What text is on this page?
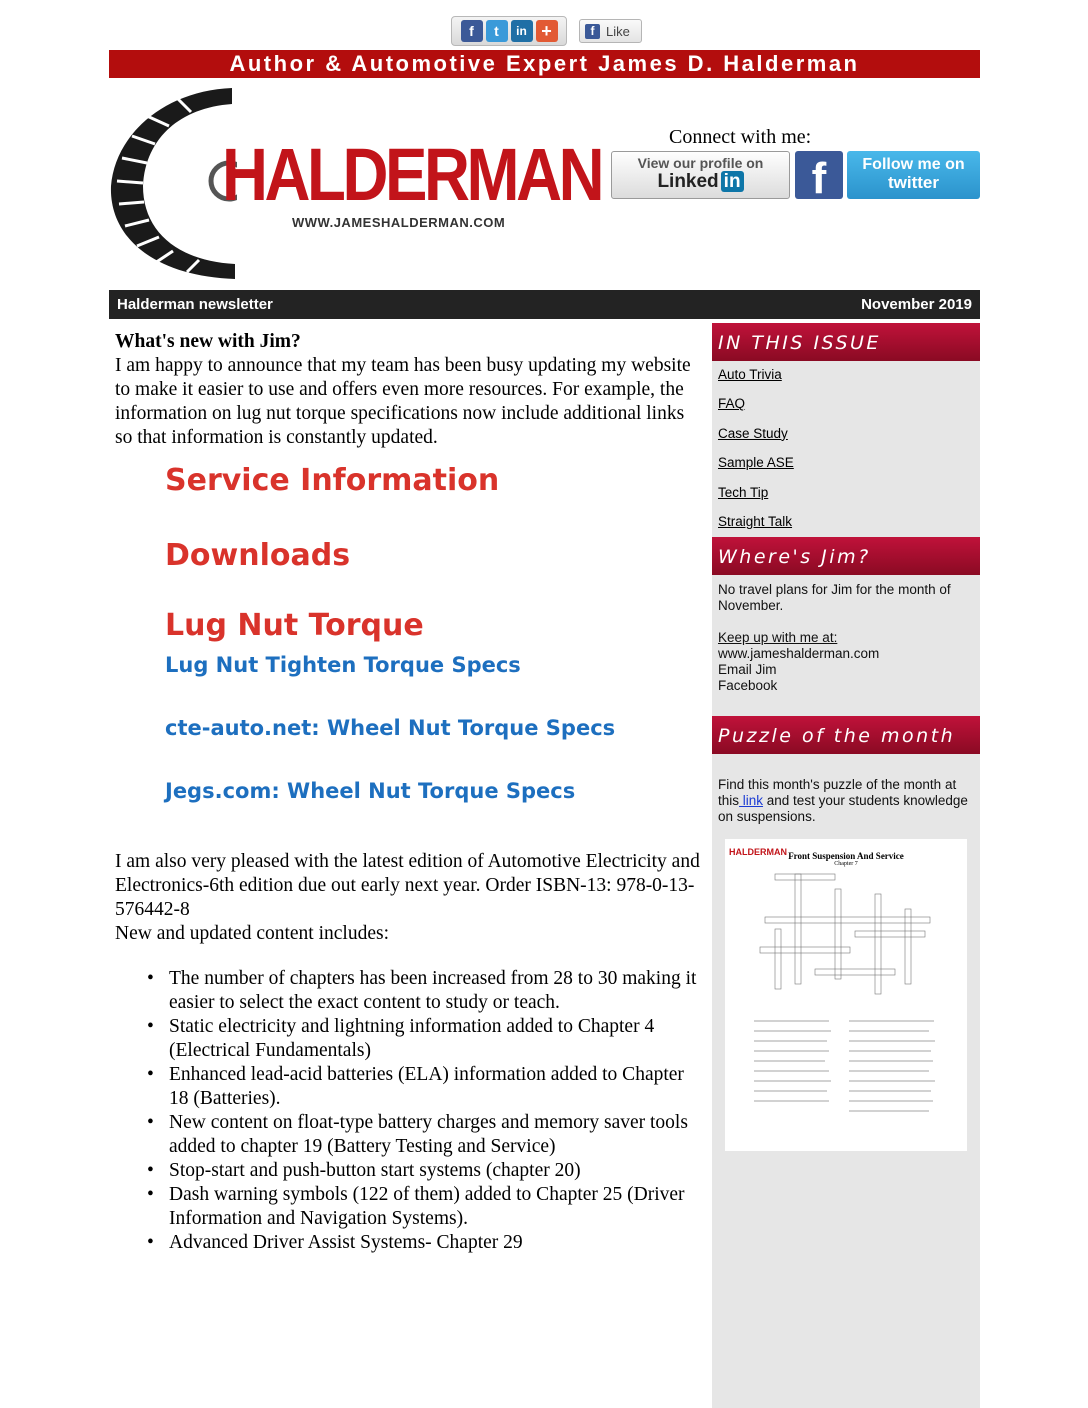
f	t	in +	f Like
Author & Automotive Expert James D. Halderman
HALDERMAN
WWW.JAMESHALDERMAN.COM
Connect with me:
View our profile on
Linked in	f	Follow me on
twitter
Halderman newsletter	November 2019
What's new with Jim?

I am happy to announce that my team has been busy updating my website to make it easier to use and offers even more resources. For example, the information on lug nut torque specifications now include additional links so that information is constantly updated.

Service Information
Downloads
Lug Nut Torque
Lug Nut Tighten Torque Specs
cte-auto.net: Wheel Nut Torque Specs
Jegs.com: Wheel Nut Torque Specs

I am also very pleased with the latest edition of Automotive Electricity and Electronics-6th edition due out early next year. Order ISBN-13: 978-0-13-576442-8

New and updated content includes:

• The number of chapters has been increased from 28 to 30 making it easier to select the exact content to study or teach.
• Static electricity and lightning information added to Chapter 4 (Electrical Fundamentals)
• Enhanced lead-acid batteries (ELA) information added to Chapter 18 (Batteries).
• New content on float-type battery charges and memory saver tools added to chapter 19 (Battery Testing and Service)
• Stop-start and push-button start systems (chapter 20)
• Dash warning symbols (122 of them) added to Chapter 25 (Driver Information and Navigation Systems).
• Advanced Driver Assist Systems- Chapter 29
IN THIS ISSUE
Auto Trivia
FAQ
Case Study
Sample ASE
Tech Tip
Straight Talk
Where's Jim?

No travel plans for Jim for the month of November.

Keep up with me at:

www.jameshalderman.com

Email Jim

Facebook

Puzzle of the month
Find this month's puzzle of the month at this link and test your students knowledge on suspensions.
HALDERMAN Front Suspension And Service
Chapter 7
